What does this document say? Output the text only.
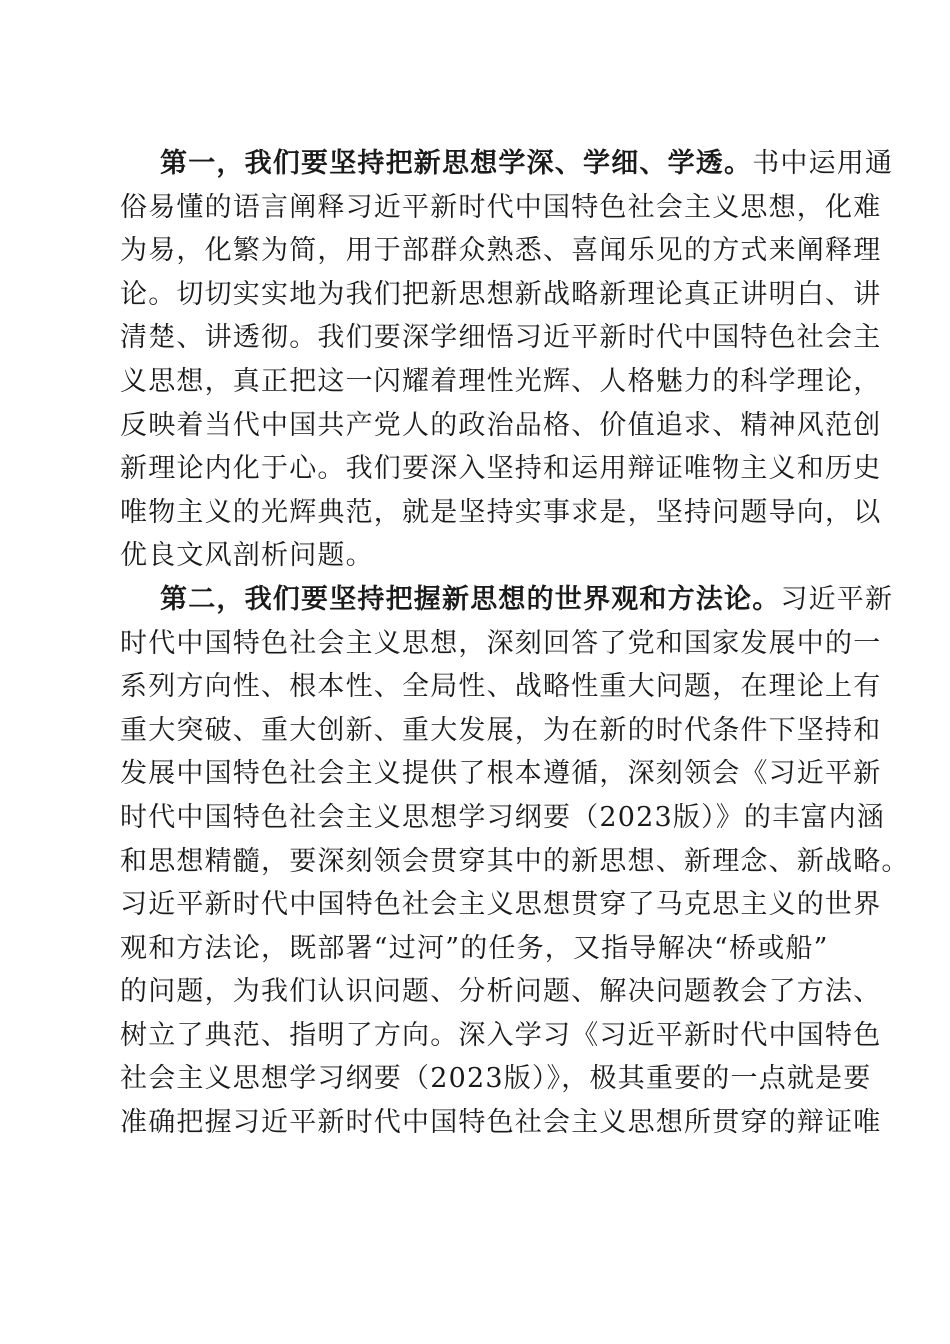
第一，我们要坚持把新思想学深、学细、学透。书中运用通
俗易懂的语言阐释习近平新时代中国特色社会主义思想，化难
为易，化繁为简，用于部群众熟悉、喜闻乐见的方式来阐释理
论。切切实实地为我们把新思想新战略新理论真正讲明白、讲
清楚、讲透彻。我们要深学细悟习近平新时代中国特色社会主
义思想，真正把这一闪耀着理性光辉、人格魅力的科学理论，
反映着当代中国共产党人的政治品格、价值追求、精神风范创
新理论内化于心。我们要深入坚持和运用辩证唯物主义和历史
唯物主义的光辉典范，就是坚持实事求是，坚持问题导向，以
优良文风剖析问题。
第二，我们要坚持把握新思想的世界观和方法论。习近平新
时代中国特色社会主义思想，深刻回答了党和国家发展中的一
系列方向性、根本性、全局性、战略性重大问题，在理论上有
重大突破、重大创新、重大发展，为在新的时代条件下坚持和
发展中国特色社会主义提供了根本遵循，深刻领会《习近平新
时代中国特色社会主义思想学习纲要（2023版）》的丰富内涵
和思想精髓，要深刻领会贯穿其中的新思想、新理念、新战略。
习近平新时代中国特色社会主义思想贯穿了马克思主义的世界
观和方法论，既部署“过河”的任务，又指导解决“桥或船”
的问题，为我们认识问题、分析问题、解决问题教会了方法、
树立了典范、指明了方向。深入学习《习近平新时代中国特色
社会主义思想学习纲要（2023版）》，极其重要的一点就是要
准确把握习近平新时代中国特色社会主义思想所贯穿的辩证唯
